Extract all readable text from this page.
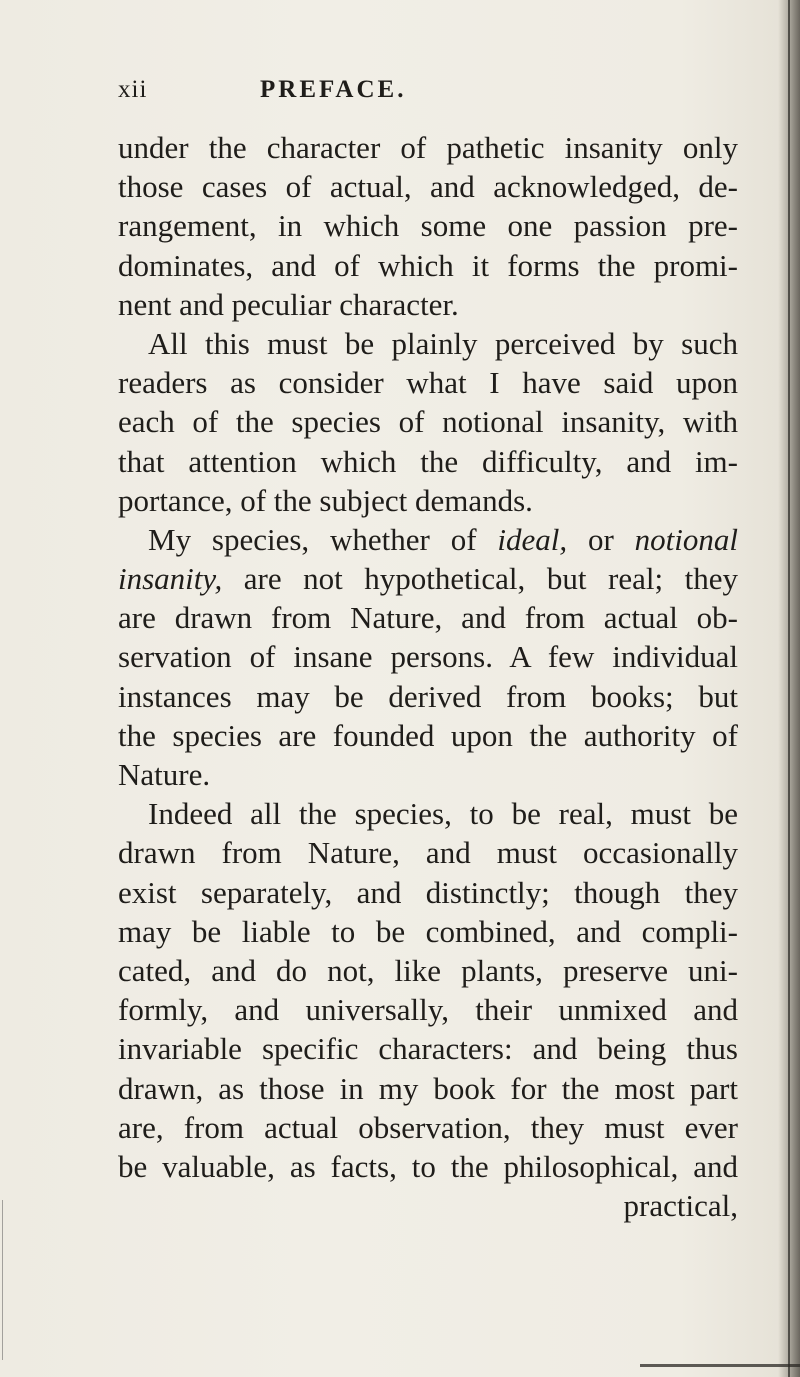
xii	PREFACE.
under the character of pathetic insanity only
those cases of actual, and acknowledged, de-
rangement, in which some one passion pre-
dominates, and of which it forms the promi-
nent and peculiar character.
All this must be plainly perceived by such
readers as consider what I have said upon
each of the species of notional insanity, with
that attention which the difficulty, and im-
portance, of the subject demands.
My species, whether of ideal, or notional
insanity, are not hypothetical, but real; they
are drawn from Nature, and from actual ob-
servation of insane persons. A few individual
instances may be derived from books; but
the species are founded upon the authority of
Nature.
Indeed all the species, to be real, must be
drawn from Nature, and must occasionally
exist separately, and distinctly; though they
may be liable to be combined, and compli-
cated, and do not, like plants, preserve uni-
formly, and universally, their unmixed and
invariable specific characters: and being thus
drawn, as those in my book for the most part
are, from actual observation, they must ever
be valuable, as facts, to the philosophical, and
practical,
